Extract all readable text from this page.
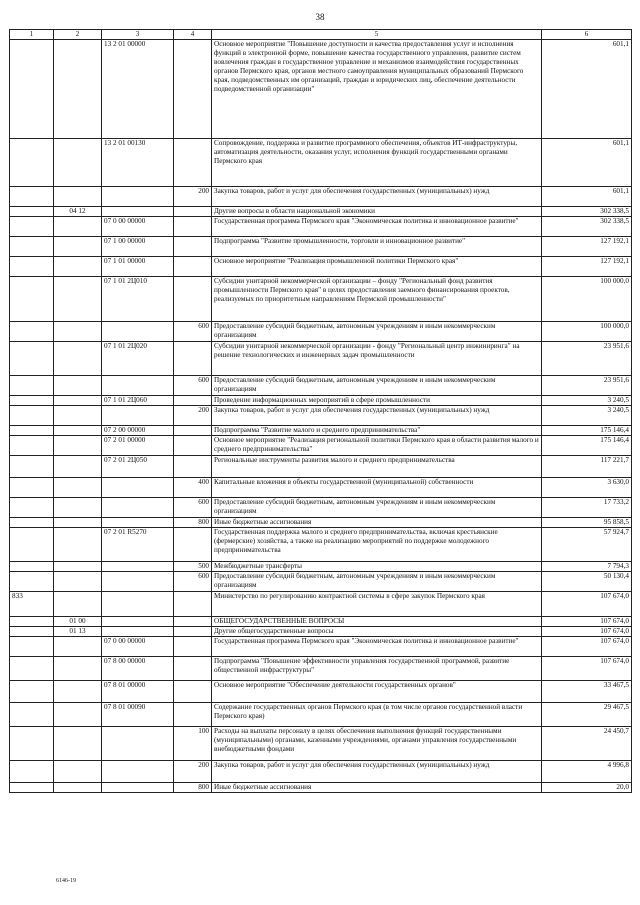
38
1	2	3	4	5	6
		13 2 01 00000		Основное мероприятие "Повышение доступности и качества предоставления услуг и исполнения функций в электронной форме, повышение качества государственного управления, развитие систем вовлечения граждан в государственное управление и механизмов взаимодействия государственных органов Пермского края, органов местного самоуправления муниципальных образований Пермского края, подведомственных им организаций, граждан и юридических лиц, обеспечение деятельности подведомственной организации"	601,1
		13 2 01 00130		Сопровождение, поддержка и развитие программного обеспечения, объектов ИТ-инфраструктуры, автоматизация деятельности, оказания услуг, исполнения функций государственными органами Пермского края	601,1
			200	Закупка товаров, работ и услуг для обеспечения государственных (муниципальных) нужд	601,1
	04 12			Другие вопросы в области национальной экономики	302 338,5
		07 0 00 00000		Государственная программа Пермского края "Экономическая политика и инновационное развитие"	302 338,5
		07 1 00 00000		Подпрограмма "Развитие промышленности, торговли и инновационное развитие"	127 192,1
		07 1 01 00000		Основное мероприятие "Реализация промышленной политики Пермского края"	127 192,1
		07 1 01 2Ц010		Субсидии унитарной некоммерческой организации – фонду "Региональный фонд развития промышленности Пермского края" в целях предоставления заемного финансирования проектов, реализуемых по приоритетным направлениям Пермской промышленности"	100 000,0
			600	Предоставление субсидий бюджетным, автономным учреждениям и иным некоммерческим организациям	100 000,0
		07 1 01 2Ц020		Субсидии унитарной некоммерческой организации - фонду "Региональный центр инжиниринга" на решение технологических и инженерных задач промышленности	23 951,6
			600	Предоставление субсидий бюджетным, автономным учреждениям и иным некоммерческим организациям	23 951,6
		07 1 01 2Ц060		Проведение информационных мероприятий в сфере промышленности	3 240,5
			200	Закупка товаров, работ и услуг для обеспечения государственных (муниципальных) нужд	3 240,5
		07 2 00 00000		Подпрограмма "Развитие малого и среднего предпринимательства"	175 146,4
		07 2 01 00000		Основное мероприятие "Реализация региональной политики Пермского края в области развития малого и среднего предпринимательства"	175 146,4
		07 2 01 2Ц050		Региональные инструменты развития малого и среднего предпринимательства	117 221,7
			400	Капитальные вложения в объекты государственной (муниципальной) собственности	3 630,0
			600	Предоставление субсидий бюджетным, автономным учреждениям и иным некоммерческим организациям	17 733,2
			800	Иные бюджетные ассигнования	95 858,5
		07 2 01 R5270		Государственная поддержка малого и среднего предпринимательства, включая крестьянские (фермерские) хозяйства, а также на реализацию мероприятий по поддержке молодежного предпринимательства	57 924,7
			500	Межбюджетные трансферты	7 794,3
			600	Предоставление субсидий бюджетным, автономным учреждениям и иным некоммерческим организациям	50 130,4
833				Министерство по регулированию контрактной системы в сфере закупок Пермского края	107 674,0
	01 00			ОБЩЕГОСУДАРСТВЕННЫЕ ВОПРОСЫ	107 674,0
	01 13			Другие общегосударственные вопросы	107 674,0
		07 0 00 00000		Государственная программа Пермского края "Экономическая политика и инновационное развитие"	107 674,0
		07 8 00 00000		Подпрограмма "Повышение эффективности управления государственной программой, развитие общественной инфраструктуры"	107 674,0
		07 8 01 00000		Основное мероприятие "Обеспечение деятельности государственных органов"	33 467,5
		07 8 01 00090		Содержание государственных органов Пермского края (в том числе органов государственной власти Пермского края)	29 467,5
			100	Расходы на выплаты персоналу в целях обеспечения выполнения функций государственными (муниципальными) органами, казенными учреждениями, органами управления государственными внебюджетными фондами	24 450,7
			200	Закупка товаров, работ и услуг для обеспечения государственных (муниципальных) нужд	4 996,8
			800	Иные бюджетные ассигнования	20,0
6146-19
